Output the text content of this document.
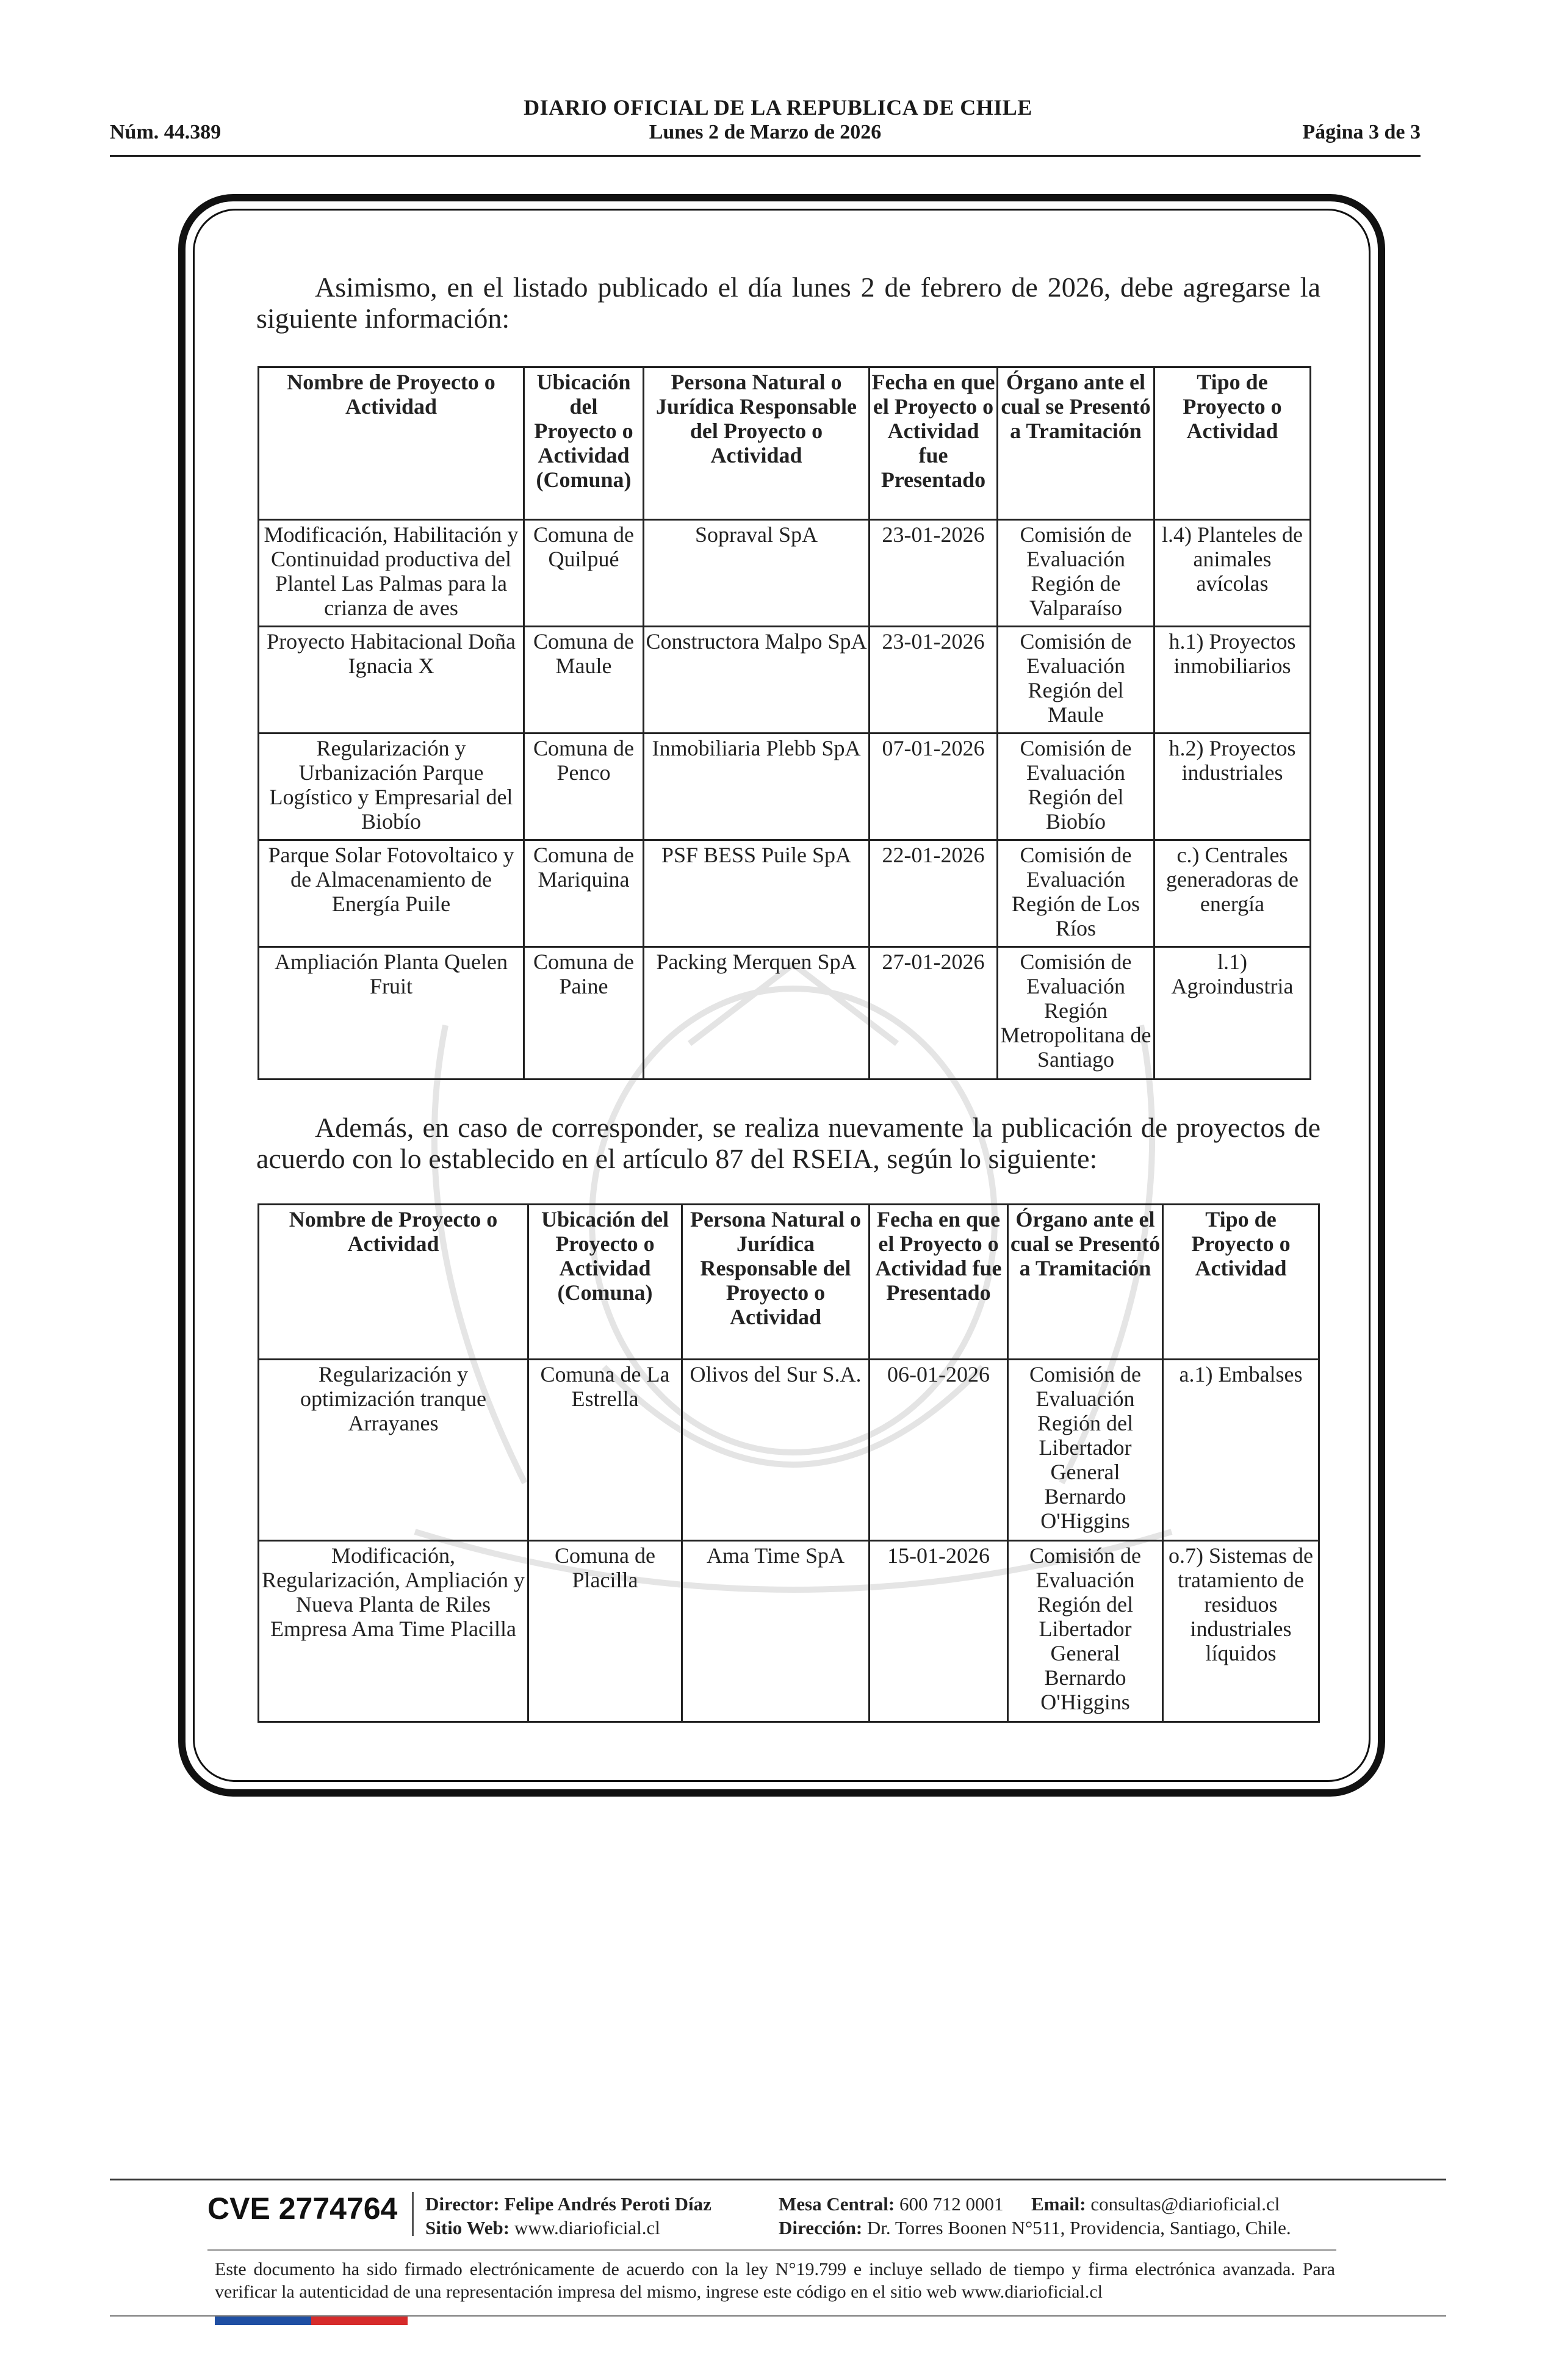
DIARIO OFICIAL DE LA REPUBLICA DE CHILE
Núm. 44.389	Lunes 2 de Marzo de 2026	Página 3 de 3
Asimismo, en el listado publicado el día lunes 2 de febrero de 2026, debe agregarse la siguiente información:
Nombre de Proyecto o Actividad	Ubicación del Proyecto o Actividad (Comuna)	Persona Natural o Jurídica Responsable del Proyecto o Actividad	Fecha en que el Proyecto o Actividad fue Presentado	Órgano ante el cual se Presentó a Tramitación	Tipo de Proyecto o Actividad
Modificación, Habilitación y Continuidad productiva del Plantel Las Palmas para la crianza de aves	Comuna de Quilpué	Sopraval SpA	23-01-2026	Comisión de Evaluación Región de Valparaíso	l.4) Planteles de animales avícolas
Proyecto Habitacional Doña Ignacia X	Comuna de Maule	Constructora Malpo SpA	23-01-2026	Comisión de Evaluación Región del Maule	h.1) Proyectos inmobiliarios
Regularización y Urbanización Parque Logístico y Empresarial del Biobío	Comuna de Penco	Inmobiliaria Plebb SpA	07-01-2026	Comisión de Evaluación Región del Biobío	h.2) Proyectos industriales
Parque Solar Fotovoltaico y de Almacenamiento de Energía Puile	Comuna de Mariquina	PSF BESS Puile SpA	22-01-2026	Comisión de Evaluación Región de Los Ríos	c.) Centrales generadoras de energía
Ampliación Planta Quelen Fruit	Comuna de Paine	Packing Merquen SpA	27-01-2026	Comisión de Evaluación Región Metropolitana de Santiago	l.1) Agroindustria
Además, en caso de corresponder, se realiza nuevamente la publicación de proyectos de acuerdo con lo establecido en el artículo 87 del RSEIA, según lo siguiente:
Nombre de Proyecto o Actividad	Ubicación del Proyecto o Actividad (Comuna)	Persona Natural o Jurídica Responsable del Proyecto o Actividad	Fecha en que el Proyecto o Actividad fue Presentado	Órgano ante el cual se Presentó a Tramitación	Tipo de Proyecto o Actividad
Regularización y optimización tranque Arrayanes	Comuna de La Estrella	Olivos del Sur S.A.	06-01-2026	Comisión de Evaluación Región del Libertador General Bernardo O'Higgins	a.1) Embalses
Modificación, Regularización, Ampliación y Nueva Planta de Riles Empresa Ama Time Placilla	Comuna de Placilla	Ama Time SpA	15-01-2026	Comisión de Evaluación Región del Libertador General Bernardo O'Higgins	o.7) Sistemas de tratamiento de residuos industriales líquidos
CVE 2774764 Director: Felipe Andrés Peroti Díaz
Sitio Web: www.diarioficial.cl
Mesa Central: 600 712 0001 Email: consultas@diarioficial.cl
Dirección: Dr. Torres Boonen N°511, Providencia, Santiago, Chile.
Este documento ha sido firmado electrónicamente de acuerdo con la ley N°19.799 e incluye sellado de tiempo y firma electrónica avanzada. Para verificar la autenticidad de una representación impresa del mismo, ingrese este código en el sitio web www.diarioficial.cl
